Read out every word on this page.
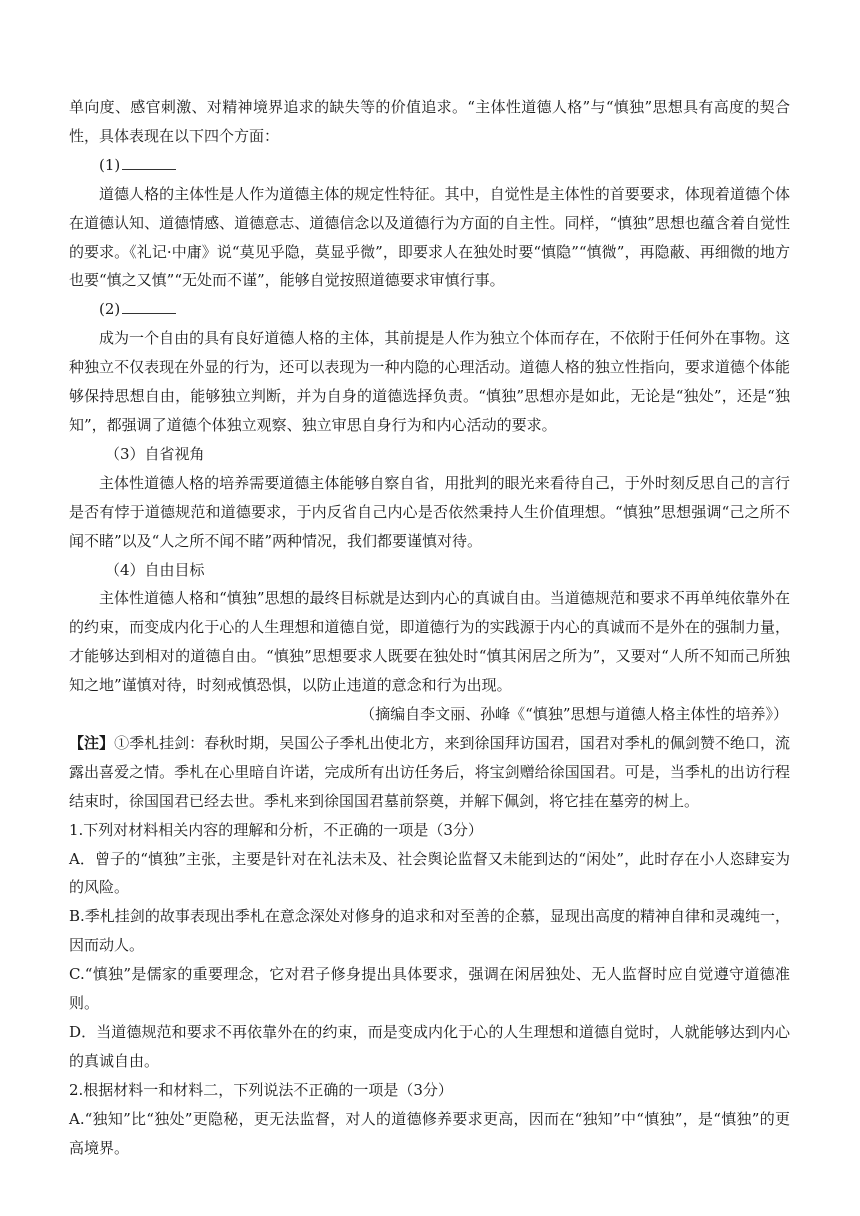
单向度、感官刺激、对精神境界追求的缺失等的价值追求。“主体性道德人格”与“慎独”思想具有高度的契合性，具体表现在以下四个方面：

(1)

道德人格的主体性是人作为道德主体的规定性特征。其中，自觉性是主体性的首要要求，体现着道德个体在道德认知、道德情感、道德意志、道德信念以及道德行为方面的自主性。同样，“慎独”思想也蕴含着自觉性的要求。《礼记·中庸》说“莫见乎隐，莫显乎微”，即要求人在独处时要“慎隐”“慎微”，再隐蔽、再细微的地方也要“慎之又慎”“无处而不谨”，能够自觉按照道德要求审慎行事。

(2)

成为一个自由的具有良好道德人格的主体，其前提是人作为独立个体而存在，不依附于任何外在事物。这种独立不仅表现在外显的行为，还可以表现为一种内隐的心理活动。道德人格的独立性指向，要求道德个体能够保持思想自由，能够独立判断，并为自身的道德选择负责。“慎独”思想亦是如此，无论是“独处”，还是“独知”，都强调了道德个体独立观察、独立审思自身行为和内心活动的要求。

（3）自省视角

主体性道德人格的培养需要道德主体能够自察自省，用批判的眼光来看待自己，于外时刻反思自己的言行是否有悖于道德规范和道德要求，于内反省自己内心是否依然秉持人生价值理想。“慎独”思想强调“己之所不闻不睹”以及“人之所不闻不睹”两种情况，我们都要谨慎对待。

（4）自由目标

主体性道德人格和“慎独”思想的最终目标就是达到内心的真诚自由。当道德规范和要求不再单纯依靠外在的约束，而变成内化于心的人生理想和道德自觉，即道德行为的实践源于内心的真诚而不是外在的强制力量，才能够达到相对的道德自由。“慎独”思想要求人既要在独处时“慎其闲居之所为”，又要对“人所不知而己所独知之地”谨慎对待，时刻戒慎恐惧，以防止违道的意念和行为出现。

（摘编自李文丽、孙峰《“慎独”思想与道德人格主体性的培养》）

【注】①季札挂剑：春秋时期，吴国公子季札出使北方，来到徐国拜访国君，国君对季札的佩剑赞不绝口，流露出喜爱之情。季札在心里暗自许诺，完成所有出访任务后，将宝剑赠给徐国国君。可是，当季札的出访行程结束时，徐国国君已经去世。季札来到徐国国君墓前祭奠，并解下佩剑，将它挂在墓旁的树上。

1.下列对材料相关内容的理解和分析，不正确的一项是（3分）

A．曾子的“慎独”主张，主要是针对在礼法未及、社会舆论监督又未能到达的“闲处”，此时存在小人恣肆妄为的风险。

B.季札挂剑的故事表现出季札在意念深处对修身的追求和对至善的企慕，显现出高度的精神自律和灵魂纯一，因而动人。

C.“慎独”是儒家的重要理念，它对君子修身提出具体要求，强调在闲居独处、无人监督时应自觉遵守道德准则。

D．当道德规范和要求不再依靠外在的约束，而是变成内化于心的人生理想和道德自觉时，人就能够达到内心的真诚自由。

2.根据材料一和材料二，下列说法不正确的一项是（3分）

A.“独知”比“独处”更隐秘，更无法监督，对人的道德修养要求更高，因而在“独知”中“慎独”，是“慎独”的更高境界。
